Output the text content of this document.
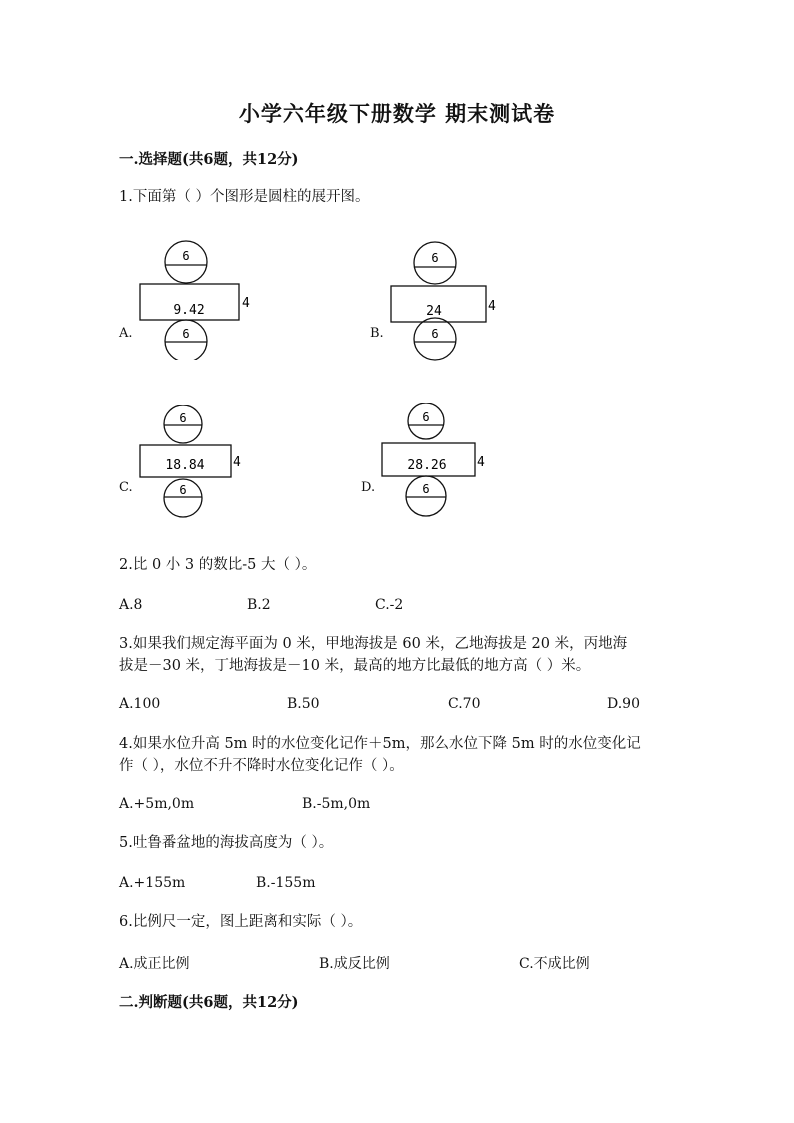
小学六年级下册数学 期末测试卷
一.选择题(共6题，共12分)
1.下面第（ ）个图形是圆柱的展开图。
A.
6
9.42	4
6	B.
6
24	4
6
C.
6
18.84 4
6	D.
6
28.26 4
6
2.比 0 小 3 的数比-5 大（ ）。
A.8	B.2	C.-2
3.如果我们规定海平面为 0 米，甲地海拔是 60 米，乙地海拔是 20 米，丙地海
拔是－30 米，丁地海拔是－10 米，最高的地方比最低的地方高（ ）米。
A.100	B.50	C.70	D.90
4.如果水位升高 5m 时的水位变化记作＋5m，那么水位下降 5m 时的水位变化记
作（ ），水位不升不降时水位变化记作（ ）。
A.+5m,0m	B.-5m,0m
5.吐鲁番盆地的海拔高度为（ ）。
A.+155m	B.-155m
6.比例尺一定，图上距离和实际（ ）。
A.成正比例	B.成反比例	C.不成比例
二.判断题(共6题，共12分)
